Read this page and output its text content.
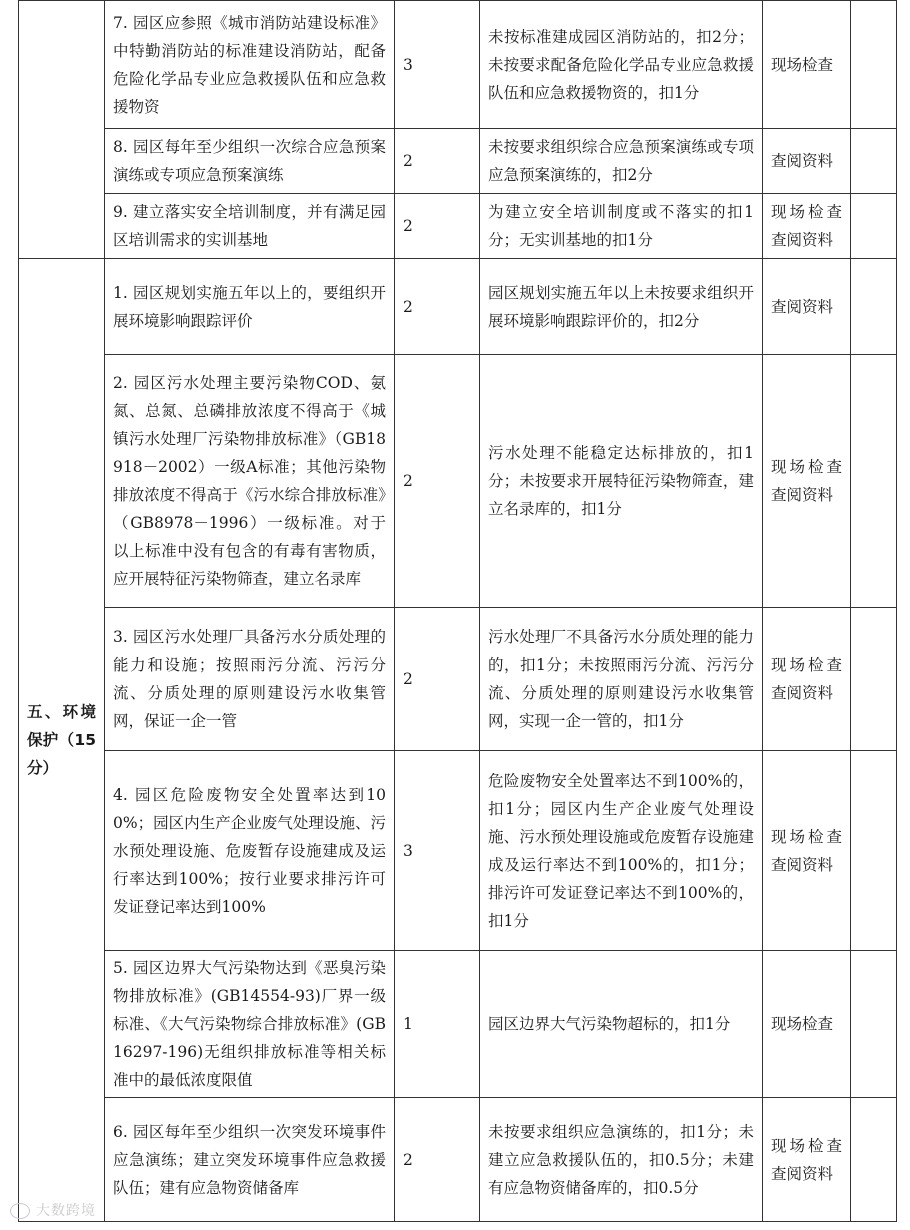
	7. 园区应参照《城市消防站建设标准》中特勤消防站的标准建设消防站，配备危险化学品专业应急救援队伍和应急救援物资	3	未按标准建成园区消防站的，扣2分；未按要求配备危险化学品专业应急救援队伍和应急救援物资的，扣1分	现场检查	
	8. 园区每年至少组织一次综合应急预案演练或专项应急预案演练	2	未按要求组织综合应急预案演练或专项应急预案演练的，扣2分	查阅资料	
	9. 建立落实安全培训制度，并有满足园区培训需求的实训基地	2	为建立安全培训制度或不落实的扣1分；无实训基地的扣1分	现场检查查阅资料	
五、环境保护（15分）	1. 园区规划实施五年以上的，要组织开展环境影响跟踪评价	2	园区规划实施五年以上未按要求组织开展环境影响跟踪评价的，扣2分	查阅资料	
	2. 园区污水处理主要污染物COD、氨氮、总氮、总磷排放浓度不得高于《城镇污水处理厂污染物排放标准》（GB18918－2002）一级A标准；其他污染物排放浓度不得高于《污水综合排放标准》（GB8978－1996）一级标准。对于以上标准中没有包含的有毒有害物质，应开展特征污染物筛查，建立名录库	2	污水处理不能稳定达标排放的，扣1分；未按要求开展特征污染物筛查，建立名录库的，扣1分	现场检查查阅资料	
	3. 园区污水处理厂具备污水分质处理的能力和设施；按照雨污分流、污污分流、分质处理的原则建设污水收集管网，保证一企一管	2	污水处理厂不具备污水分质处理的能力的，扣1分；未按照雨污分流、污污分流、分质处理的原则建设污水收集管网，实现一企一管的，扣1分	现场检查查阅资料	
	4. 园区危险废物安全处置率达到100%；园区内生产企业废气处理设施、污水预处理设施、危废暂存设施建成及运行率达到100%；按行业要求排污许可发证登记率达到100%	3	危险废物安全处置率达不到100%的，扣1分；园区内生产企业废气处理设施、污水预处理设施或危废暂存设施建成及运行率达不到100%的，扣1分；排污许可发证登记率达不到100%的，扣1分	现场检查查阅资料	
	5. 园区边界大气污染物达到《恶臭污染物排放标准》(GB14554-93)厂界一级标准、《大气污染物综合排放标准》(GB16297-196)无组织排放标准等相关标准中的最低浓度限值	1	园区边界大气污染物超标的，扣1分	现场检查	
	6. 园区每年至少组织一次突发环境事件应急演练；建立突发环境事件应急救援队伍；建有应急物资储备库	2	未按要求组织应急演练的，扣1分；未建立应急救援队伍的，扣0.5分；未建有应急物资储备库的，扣0.5分	现场检查查阅资料	
大数跨境
